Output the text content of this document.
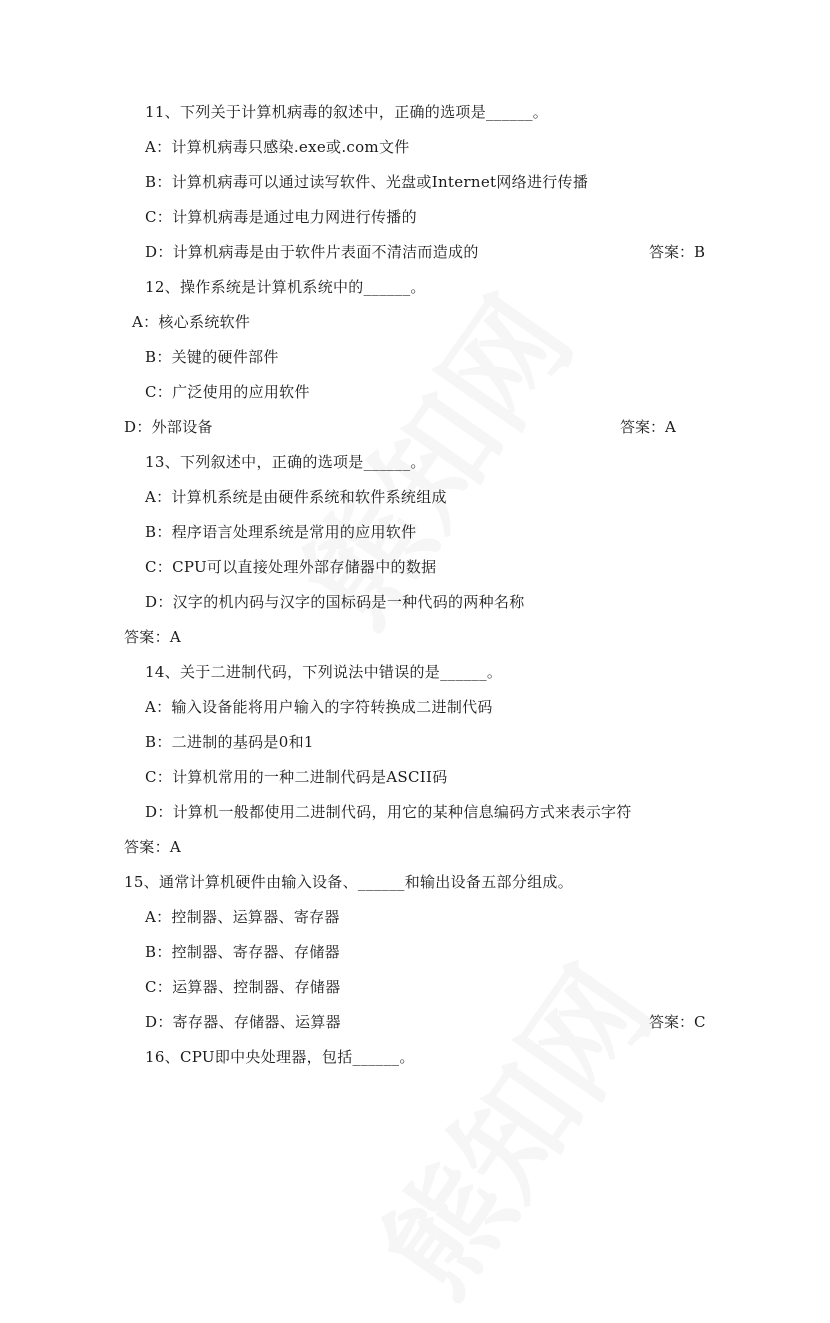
11、下列关于计算机病毒的叙述中，正确的选项是______。
A：计算机病毒只感染.exe或.com文件
B：计算机病毒可以通过读写软件、光盘或Internet网络进行传播
C：计算机病毒是通过电力网进行传播的
D：计算机病毒是由于软件片表面不清洁而造成的	答案：B
12、操作系统是计算机系统中的______。
A：核心系统软件
B：关键的硬件部件
C：广泛使用的应用软件
D：外部设备	答案：A
13、下列叙述中，正确的选项是______。
A：计算机系统是由硬件系统和软件系统组成
B：程序语言处理系统是常用的应用软件
C：CPU可以直接处理外部存储器中的数据
D：汉字的机内码与汉字的国标码是一种代码的两种名称
答案：A
14、关于二进制代码，下列说法中错误的是______。
A：输入设备能将用户输入的字符转换成二进制代码
B：二进制的基码是0和1
C：计算机常用的一种二进制代码是ASCII码
D：计算机一般都使用二进制代码，用它的某种信息编码方式来表示字符
答案：A
15、通常计算机硬件由输入设备、______和输出设备五部分组成。
A：控制器、运算器、寄存器
B：控制器、寄存器、存储器
C：运算器、控制器、存储器
D：寄存器、存储器、运算器	答案：C
16、CPU即中央处理器，包括______。
